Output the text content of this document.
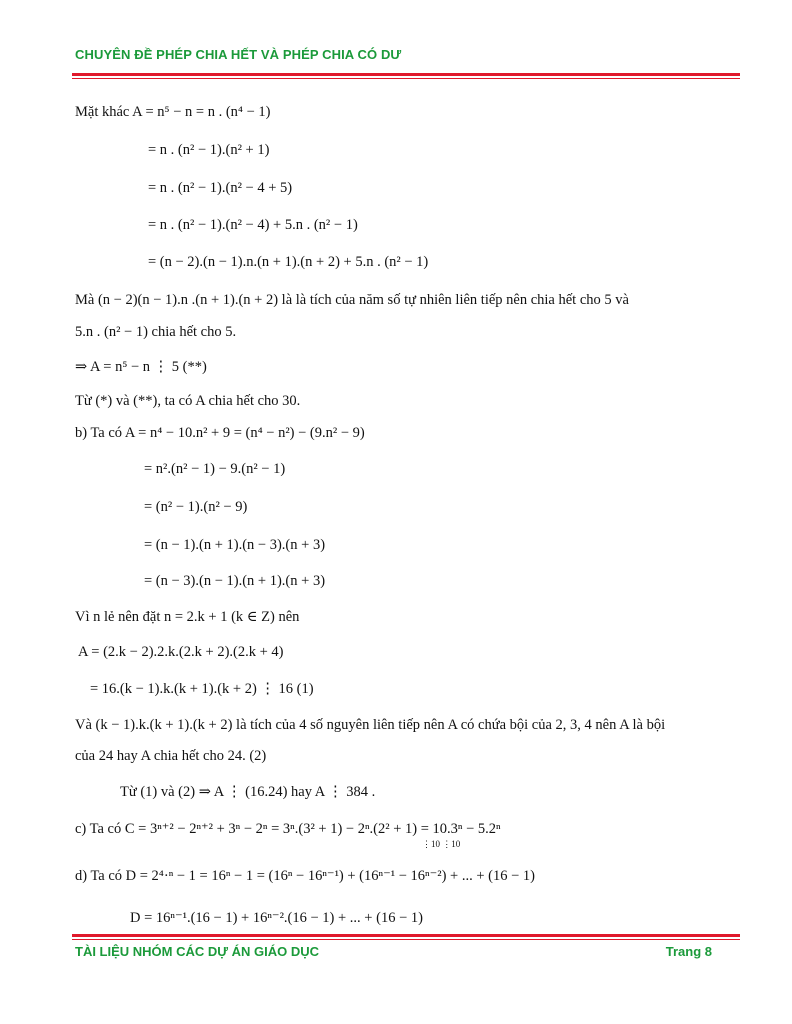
CHUYÊN ĐỀ PHÉP CHIA HẾT VÀ PHÉP CHIA CÓ DƯ
Mặt khác A = n⁵ − n = n . (n⁴ − 1)
= n . (n² − 1).(n² + 1)
= n . (n² − 1).(n² − 4 + 5)
= n . (n² − 1).(n² − 4) + 5.n . (n² − 1)
= (n − 2).(n − 1).n.(n + 1).(n + 2) + 5.n . (n² − 1)
Mà (n − 2)(n − 1).n .(n + 1).(n + 2) là là tích của năm số tự nhiên liên tiếp nên chia hết cho 5 và
5.n . (n² − 1) chia hết cho 5.
⇒ A = n⁵ − n ⋮ 5 (**)
Từ (*) và (**), ta có A chia hết cho 30.
b) Ta có A = n⁴ − 10.n² + 9 = (n⁴ − n²) − (9.n² − 9)
= n².(n² − 1) − 9.(n² − 1)
= (n² − 1).(n² − 9)
= (n − 1).(n + 1).(n − 3).(n + 3)
= (n − 3).(n − 1).(n + 1).(n + 3)
Vì n lẻ nên đặt n = 2.k + 1 (k ∈ Z) nên
A = (2.k − 2).2.k.(2.k + 2).(2.k + 4)
= 16.(k − 1).k.(k + 1).(k + 2) ⋮ 16 (1)
Và (k − 1).k.(k + 1).(k + 2) là tích của 4 số nguyên liên tiếp nên A có chứa bội của 2, 3, 4 nên A là bội
của 24 hay A chia hết cho 24. (2)
Từ (1) và (2) ⇒ A ⋮ (16.24) hay A ⋮ 384 .
c) Ta có C = 3ⁿ⁺² − 2ⁿ⁺² + 3ⁿ − 2ⁿ = 3ⁿ.(3² + 1) − 2ⁿ.(2² + 1) = 10.3ⁿ − 5.2ⁿ
⋮10 ⋮10
d) Ta có D = 2⁴·ⁿ − 1 = 16ⁿ − 1 = (16ⁿ − 16ⁿ⁻¹) + (16ⁿ⁻¹ − 16ⁿ⁻²) + ... + (16 − 1)
D = 16ⁿ⁻¹.(16 − 1) + 16ⁿ⁻².(16 − 1) + ... + (16 − 1)
TÀI LIỆU NHÓM CÁC DỰ ÁN GIÁO DỤC	Trang 8
